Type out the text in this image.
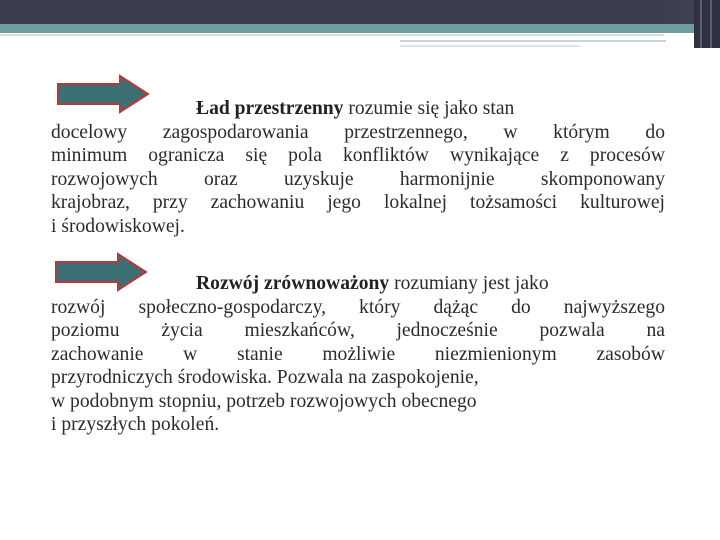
Ład przestrzenny rozumie się jako stan
docelowy zagospodarowania przestrzennego, w którym do
minimum ogranicza się pola konfliktów wynikające z procesów
rozwojowych oraz uzyskuje harmonijnie skomponowany
krajobraz, przy zachowaniu jego lokalnej tożsamości kulturowej
i środowiskowej.
Rozwój zrównoważony rozumiany jest jako
rozwój społeczno-gospodarczy, który dążąc do najwyższego
poziomu życia mieszkańców, jednocześnie pozwala na
zachowanie w stanie możliwie niezmienionym zasobów
przyrodniczych środowiska. Pozwala na zaspokojenie,
w podobnym stopniu, potrzeb rozwojowych obecnego
i przyszłych pokoleń.
